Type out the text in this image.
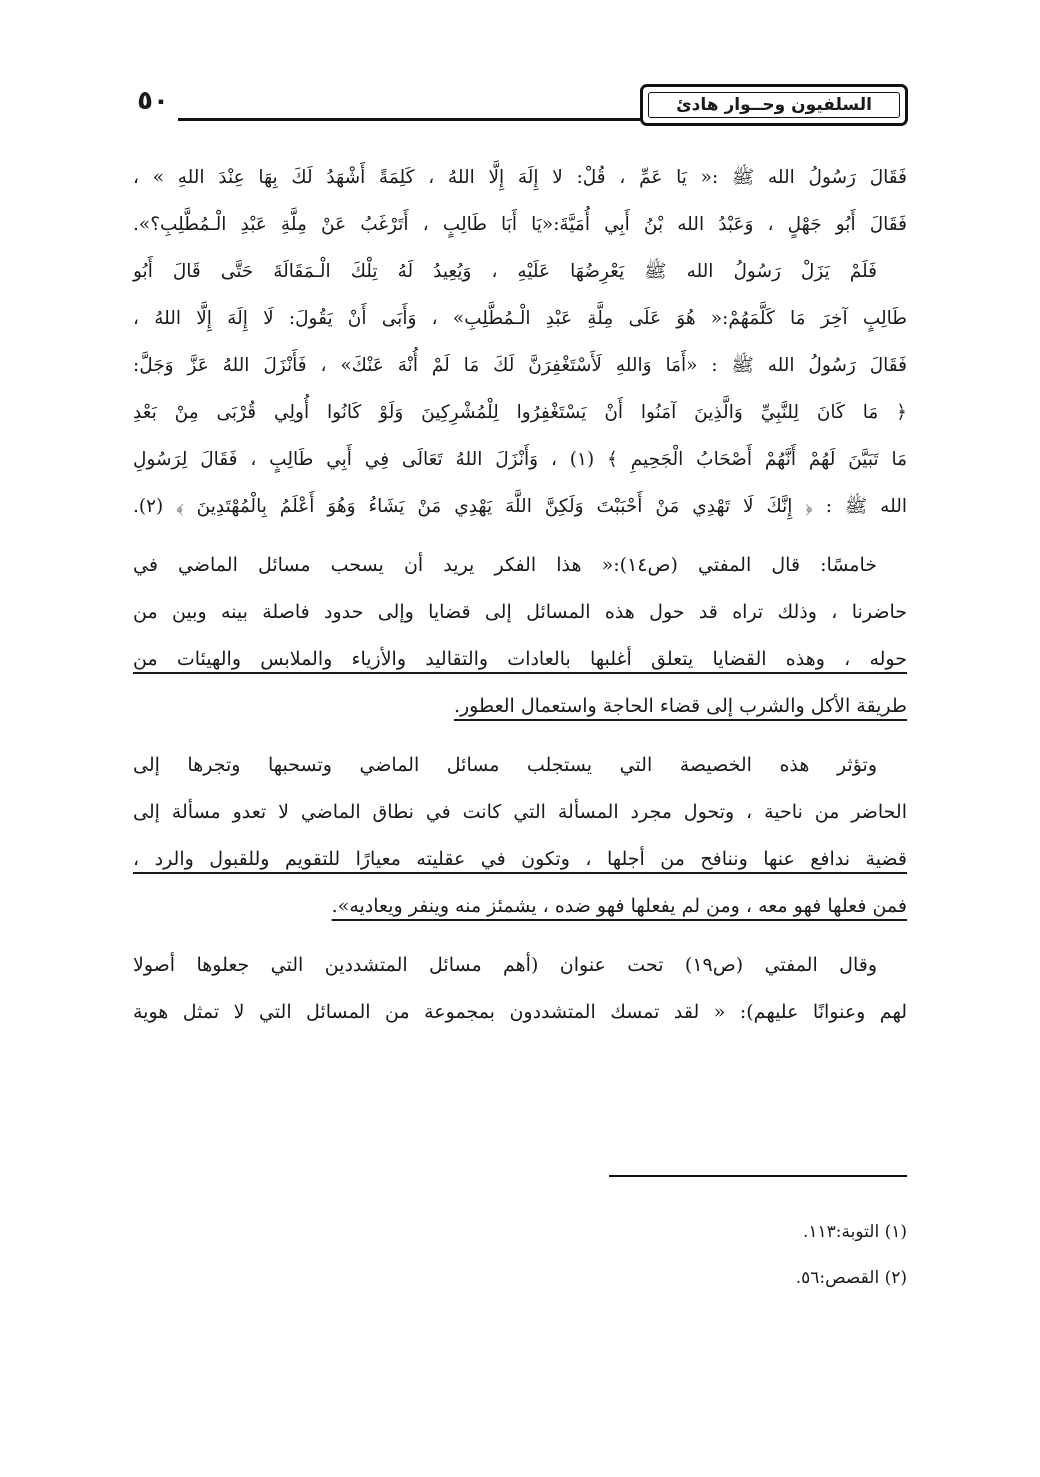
السلفيون وحــوار هادئ
٥٠
فَقَالَ رَسُولُ الله ﷺ :« يَا عَمِّ ، قُلْ: لا إِلَهَ إِلَّا اللهُ ، كَلِمَةً أَشْهَدُ لَكَ بِهَا عِنْدَ اللهِ » ،
فَقَالَ أَبُو جَهْلٍ ، وَعَبْدُ الله بْنُ أَبِي أُمَيَّةَ:«يَا أَبَا طَالِبٍ ، أَتَرْغَبُ عَنْ مِلَّةِ عَبْدِ الْـمُطَّلِبِ؟».
فَلَمْ يَزَلْ رَسُولُ الله ﷺ يَعْرِضُهَا عَلَيْهِ ، وَيُعِيدُ لَهُ تِلْكَ الْـمَقَالَةَ حَتَّى قَالَ أَبُو
طَالِبٍ آخِرَ مَا كَلَّمَهُمْ:« هُوَ عَلَى مِلَّةِ عَبْدِ الْـمُطَّلِبِ» ، وَأَبَى أَنْ يَقُولَ: لَا إِلَهَ إِلَّا اللهُ ،
فَقَالَ رَسُولُ الله ﷺ : «أَمَا وَاللهِ لَأَسْتَغْفِرَنَّ لَكَ مَا لَمْ أُنْهَ عَنْكَ» ، فَأَنْزَلَ اللهُ عَزَّ وَجَلَّ:
﴿ مَا كَانَ لِلنَّبِيِّ وَالَّذِينَ آمَنُوا أَنْ يَسْتَغْفِرُوا لِلْمُشْرِكِينَ وَلَوْ كَانُوا أُولِي قُرْبَى مِنْ بَعْدِ
مَا تَبَيَّنَ لَهُمْ أَنَّهُمْ أَصْحَابُ الْجَحِيمِ ﴾ (١) ، وَأَنْزَلَ اللهُ تَعَالَى فِي أَبِي طَالِبٍ ، فَقَالَ لِرَسُولِ
الله ﷺ : ﴿ إِنَّكَ لَا تَهْدِي مَنْ أَحْبَبْتَ وَلَكِنَّ اللَّهَ يَهْدِي مَنْ يَشَاءُ وَهُوَ أَعْلَمُ بِالْمُهْتَدِينَ ﴾ (٢).
خامسًا: قال المفتي (ص١٤):« هذا الفكر يريد أن يسحب مسائل الماضي في
حاضرنا ، وذلك تراه قد حول هذه المسائل إلى قضايا وإلى حدود فاصلة بينه وبين من
حوله ، وهذه القضايا يتعلق أغلبها بالعادات والتقاليد والأزياء والملابس والهيئات من
طريقة الأكل والشرب إلى قضاء الحاجة واستعمال العطور.
وتؤثر هذه الخصيصة التي يستجلب مسائل الماضي وتسحبها وتجرها إلى
الحاضر من ناحية ، وتحول مجرد المسألة التي كانت في نطاق الماضي لا تعدو مسألة إلى
قضية ندافع عنها وننافح من أجلها ، وتكون في عقليته معيارًا للتقويم وللقبول والرد ،
فمن فعلها فهو معه ، ومن لم يفعلها فهو ضده ، يشمئز منه وينفر ويعاديه».
وقال المفتي (ص١٩) تحت عنوان (أهم مسائل المتشددين التي جعلوها أصولا
لهم وعنوانًا عليهم): « لقد تمسك المتشددون بمجموعة من المسائل التي لا تمثل هوية
(١) التوبة:١١٣.
(٢) القصص:٥٦.
